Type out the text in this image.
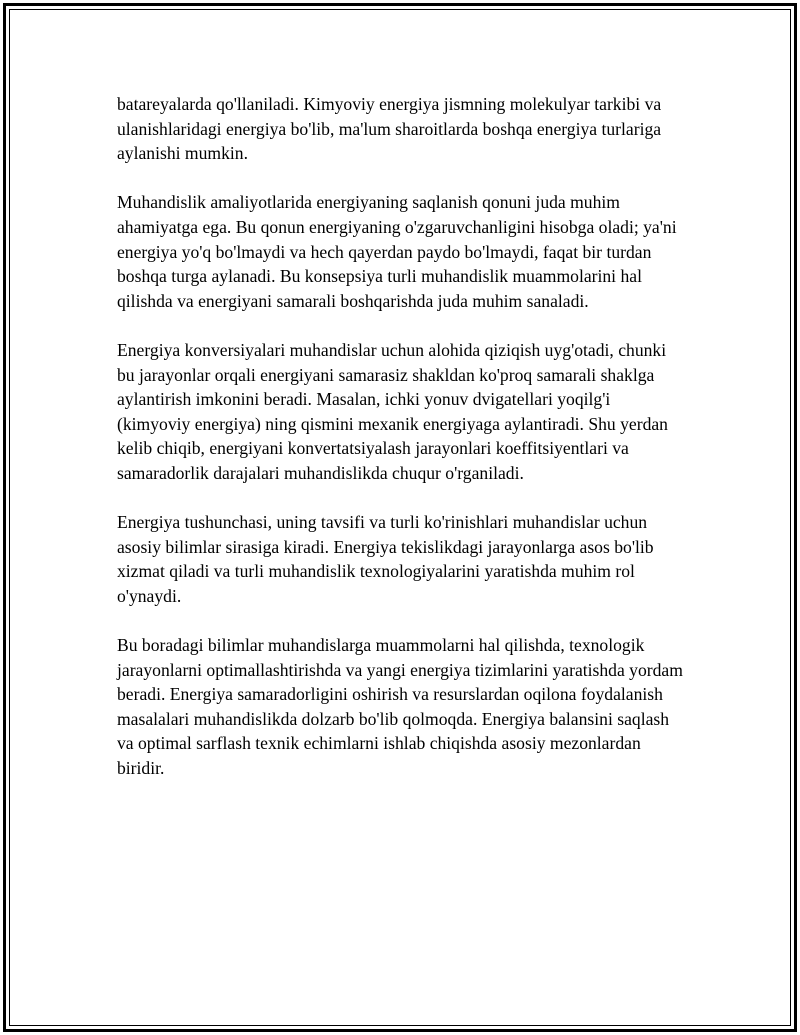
batareyalarda qo'llaniladi. Kimyoviy energiya jismning molekulyar tarkibi va ulanishlaridagi energiya bo'lib, ma'lum sharoitlarda boshqa energiya turlariga aylanishi mumkin.

Muhandislik amaliyotlarida energiyaning saqlanish qonuni juda muhim ahamiyatga ega. Bu qonun energiyaning o'zgaruvchanligini hisobga oladi; ya'ni energiya yo'q bo'lmaydi va hech qayerdan paydo bo'lmaydi, faqat bir turdan boshqa turga aylanadi. Bu konsepsiya turli muhandislik muammolarini hal qilishda va energiyani samarali boshqarishda juda muhim sanaladi.

Energiya konversiyalari muhandislar uchun alohida qiziqish uyg'otadi, chunki bu jarayonlar orqali energiyani samarasiz shakldan ko'proq samarali shaklga aylantirish imkonini beradi. Masalan, ichki yonuv dvigatellari yoqilg'i (kimyoviy energiya) ning qismini mexanik energiyaga aylantiradi. Shu yerdan kelib chiqib, energiyani konvertatsiyalash jarayonlari koeffitsiyentlari va samaradorlik darajalari muhandislikda chuqur o'rganiladi.

Energiya tushunchasi, uning tavsifi va turli ko'rinishlari muhandislar uchun asosiy bilimlar sirasiga kiradi. Energiya tekislikdagi jarayonlarga asos bo'lib xizmat qiladi va turli muhandislik texnologiyalarini yaratishda muhim rol o'ynaydi.

Bu boradagi bilimlar muhandislarga muammolarni hal qilishda, texnologik jarayonlarni optimallashtirishda va yangi energiya tizimlarini yaratishda yordam beradi. Energiya samaradorligini oshirish va resurslardan oqilona foydalanish masalalari muhandislikda dolzarb bo'lib qolmoqda. Energiya balansini saqlash va optimal sarflash texnik echimlarni ishlab chiqishda asosiy mezonlardan biridir.
